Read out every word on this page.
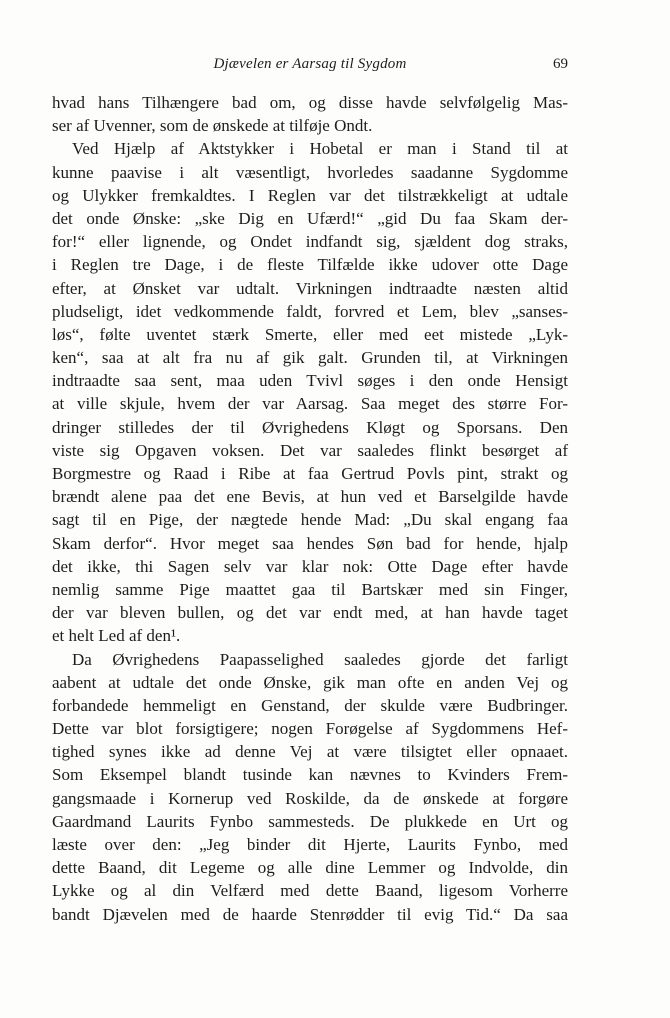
Djævelen er Aarsag til Sygdom	69
hvad hans Tilhængere bad om, og disse havde selvfølgelig Mas-
ser af Uvenner, som de ønskede at tilføje Ondt.
Ved Hjælp af Aktstykker i Hobetal er man i Stand til at
kunne paavise i alt væsentligt, hvorledes saadanne Sygdomme
og Ulykker fremkaldtes. I Reglen var det tilstrækkeligt at udtale
det onde Ønske: „ske Dig en Ufærd!“ „gid Du faa Skam der-
for!“ eller lignende, og Ondet indfandt sig, sjældent dog straks,
i Reglen tre Dage, i de fleste Tilfælde ikke udover otte Dage
efter, at Ønsket var udtalt. Virkningen indtraadte næsten altid
pludseligt, idet vedkommende faldt, forvred et Lem, blev „sanses-
løs“, følte uventet stærk Smerte, eller med eet mistede „Lyk-
ken“, saa at alt fra nu af gik galt. Grunden til, at Virkningen
indtraadte saa sent, maa uden Tvivl søges i den onde Hensigt
at ville skjule, hvem der var Aarsag. Saa meget des større For-
dringer stilledes der til Øvrighedens Kløgt og Sporsans. Den
viste sig Opgaven voksen. Det var saaledes flinkt besørget af
Borgmestre og Raad i Ribe at faa Gertrud Povls pint, strakt og
brændt alene paa det ene Bevis, at hun ved et Barselgilde havde
sagt til en Pige, der nægtede hende Mad: „Du skal engang faa
Skam derfor“. Hvor meget saa hendes Søn bad for hende, hjalp
det ikke, thi Sagen selv var klar nok: Otte Dage efter havde
nemlig samme Pige maattet gaa til Bartskær med sin Finger,
der var bleven bullen, og det var endt med, at han havde taget
et helt Led af den¹.
Da Øvrighedens Paapasselighed saaledes gjorde det farligt
aabent at udtale det onde Ønske, gik man ofte en anden Vej og
forbandede hemmeligt en Genstand, der skulde være Budbringer.
Dette var blot forsigtigere; nogen Forøgelse af Sygdommens Hef-
tighed synes ikke ad denne Vej at være tilsigtet eller opnaaet.
Som Eksempel blandt tusinde kan nævnes to Kvinders Frem-
gangsmaade i Kornerup ved Roskilde, da de ønskede at forgøre
Gaardmand Laurits Fynbo sammesteds. De plukkede en Urt og
læste over den: „Jeg binder dit Hjerte, Laurits Fynbo, med
dette Baand, dit Legeme og alle dine Lemmer og Indvolde, din
Lykke og al din Velfærd med dette Baand, ligesom Vorherre
bandt Djævelen med de haarde Stenrødder til evig Tid.“ Da saa
